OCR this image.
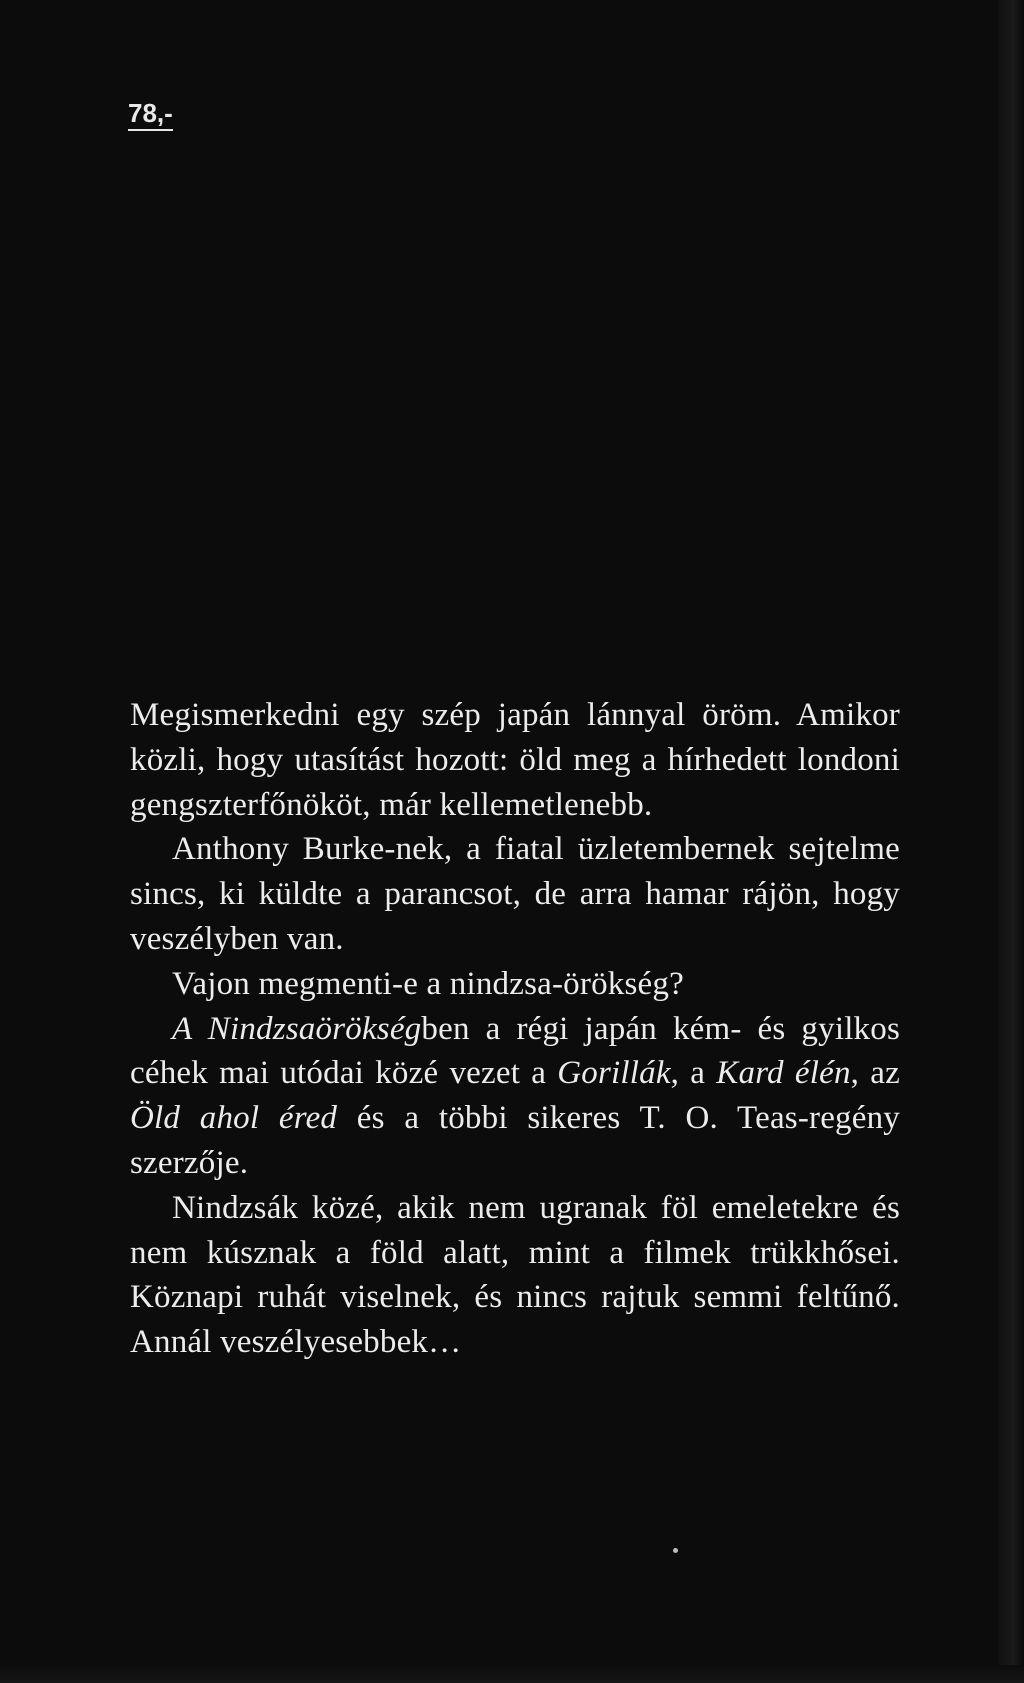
78,-

Megismerkedni egy szép japán lánnyal öröm. Amikor közli, hogy utasítást hozott: öld meg a hírhedett londoni gengszterfőnököt, már kellemetlenebb.

Anthony Burke-nek, a fiatal üzletembernek sejtelme sincs, ki küldte a parancsot, de arra hamar rájön, hogy veszélyben van.

Vajon megmenti-e a nindzsa-örökség?

A Nindzsaörökségben a régi japán kém- és gyilkos céhek mai utódai közé vezet a Gorillák, a Kard élén, az Öld ahol éred és a többi sikeres T. O. Teas-regény szerzője.

Nindzsák közé, akik nem ugranak föl emeletekre és nem kúsznak a föld alatt, mint a filmek trükkhősei. Köznapi ruhát viselnek, és nincs rajtuk semmi feltűnő. Annál veszélyesebbek…
